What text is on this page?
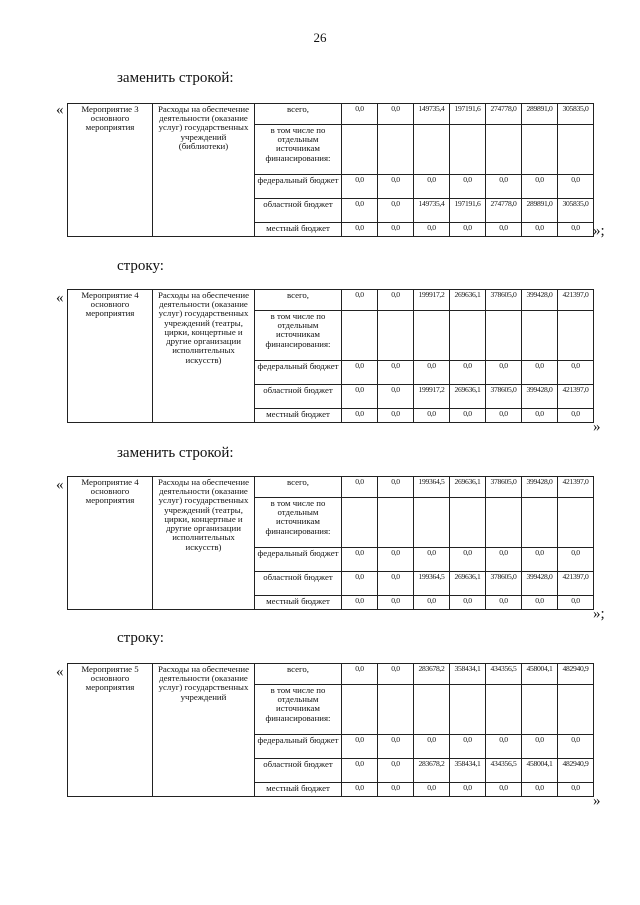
26
заменить строкой:
«
»;
Мероприятие 3 основного мероприятия	Расходы на обеспечение деятельности (оказание услуг) государственных учреждений (библиотеки)	всего,	0,0	0,0	149735,4	197191,6	274778,0	289891,0	305835,0
		в том числе по отдельным источникам финансирования:							
		федеральный бюджет	0,0	0,0	0,0	0,0	0,0	0,0	0,0
		областной бюджет	0,0	0,0	149735,4	197191,6	274778,0	289891,0	305835,0
		местный бюджет	0,0	0,0	0,0	0,0	0,0	0,0	0,0
строку:
«
»
Мероприятие 4 основного мероприятия	Расходы на обеспечение деятельности (оказание услуг) государственных учреждений (театры, цирки, концертные и другие организации исполнительных искусств)	всего,	0,0	0,0	199917,2	269636,1	378605,0	399428,0	421397,0
		в том числе по отдельным источникам финансирования:							
		федеральный бюджет	0,0	0,0	0,0	0,0	0,0	0,0	0,0
		областной бюджет	0,0	0,0	199917,2	269636,1	378605,0	399428,0	421397,0
		местный бюджет	0,0	0,0	0,0	0,0	0,0	0,0	0,0
заменить строкой:
«
»;
Мероприятие 4 основного мероприятия	Расходы на обеспечение деятельности (оказание услуг) государственных учреждений (театры, цирки, концертные и другие организации исполнительных искусств)	всего,	0,0	0,0	199364,5	269636,1	378605,0	399428,0	421397,0
		в том числе по отдельным источникам финансирования:							
		федеральный бюджет	0,0	0,0	0,0	0,0	0,0	0,0	0,0
		областной бюджет	0,0	0,0	199364,5	269636,1	378605,0	399428,0	421397,0
		местный бюджет	0,0	0,0	0,0	0,0	0,0	0,0	0,0
строку:
«
»
Мероприятие 5 основного мероприятия	Расходы на обеспечение деятельности (оказание услуг) государственных учреждений	всего,	0,0	0,0	283678,2	358434,1	434356,5	458004,1	482940,9
		в том числе по отдельным источникам финансирования:							
		федеральный бюджет	0,0	0,0	0,0	0,0	0,0	0,0	0,0
		областной бюджет	0,0	0,0	283678,2	358434,1	434356,5	458004,1	482940,9
		местный бюджет	0,0	0,0	0,0	0,0	0,0	0,0	0,0
